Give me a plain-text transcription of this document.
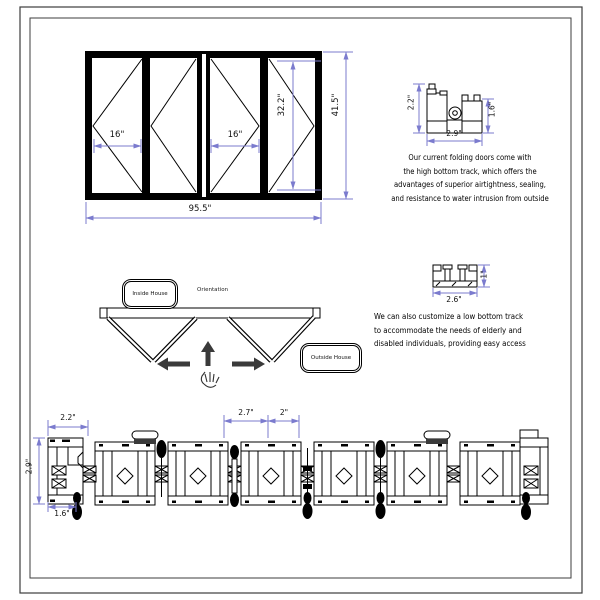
16"	16"
32.2"	41.5"
95.5"
2.2"	1.6"
2.9"
Our current folding doors come with
the high bottom track, which offers the
advantages of superior airtightness, sealing,
and resistance to water intrusion from outside
2.6"
1"
We can also customize a low bottom track
to accommodate the needs of elderly and
disabled individuals, providing easy access
Inside House
Orientation
Outside House
2.2"
2.9"
1.6"
2.7"	2"
